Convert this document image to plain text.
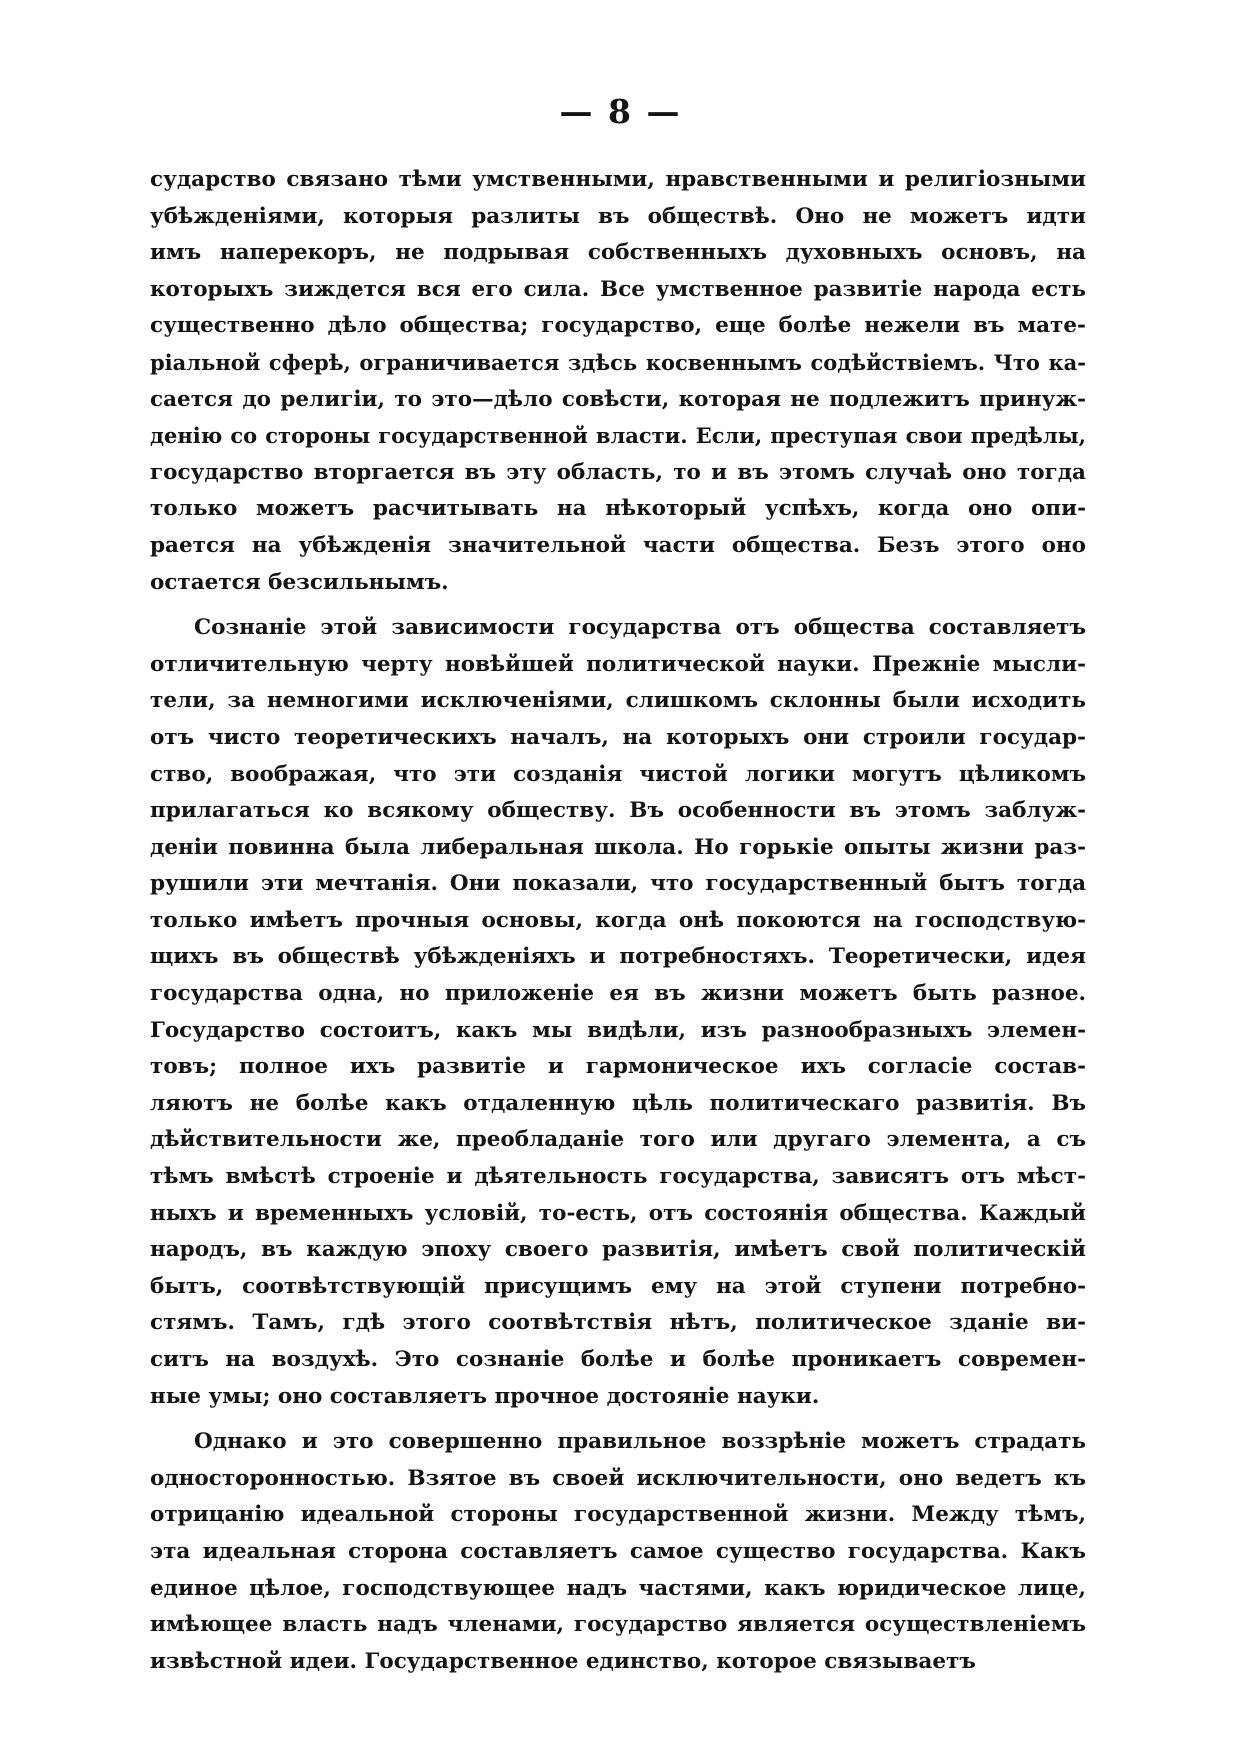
— 8 —

сударство связано тѣми умственными, нравственными и религіозными
убѣжденіями, которыя разлиты въ обществѣ. Оно не можетъ идти
имъ наперекоръ, не подрывая собственныхъ духовныхъ основъ, на
которыхъ зиждется вся его сила. Все умственное развитіе народа есть
существенно дѣло общества; государство, еще болѣе нежели въ мате-
ріальной сферѣ, ограничивается здѣсь косвеннымъ содѣйствіемъ. Что ка-
сается до религіи, то это—дѣло совѣсти, которая не подлежитъ принуж-
денію со стороны государственной власти. Если, преступая свои предѣлы,
государство вторгается въ эту область, то и въ этомъ случаѣ оно тогда
только можетъ расчитывать на нѣкоторый успѣхъ, когда оно опи-
рается на убѣжденія значительной части общества. Безъ этого оно
остается безсильнымъ.

Сознаніе этой зависимости государства отъ общества составляетъ
отличительную черту новѣйшей политической науки. Прежніе мысли-
тели, за немногими исключеніями, слишкомъ склонны были исходить
отъ чисто теоретическихъ началъ, на которыхъ они строили государ-
ство, воображая, что эти созданія чистой логики могутъ цѣликомъ
прилагаться ко всякому обществу. Въ особенности въ этомъ заблуж-
деніи повинна была либеральная школа. Но горькіе опыты жизни раз-
рушили эти мечтанія. Они показали, что государственный бытъ тогда
только имѣетъ прочныя основы, когда онѣ покоются на господствую-
щихъ въ обществѣ убѣжденіяхъ и потребностяхъ. Теоретически, идея
государства одна, но приложеніе ея въ жизни можетъ быть разное.
Государство состоитъ, какъ мы видѣли, изъ разнообразныхъ элемен-
товъ; полное ихъ развитіе и гармоническое ихъ согласіе состав-
ляютъ не болѣе какъ отдаленную цѣль политическаго развитія. Въ
дѣйствительности же, преобладаніе того или другаго элемента, а съ
тѣмъ вмѣстѣ строеніе и дѣятельность государства, зависятъ отъ мѣст-
ныхъ и временныхъ условій, то-есть, отъ состоянія общества. Каждый
народъ, въ каждую эпоху своего развитія, имѣетъ свой политическій
бытъ, соотвѣтствующій присущимъ ему на этой ступени потребно-
стямъ. Тамъ, гдѣ этого соотвѣтствія нѣтъ, политическое зданіе ви-
ситъ на воздухѣ. Это сознаніе болѣе и болѣе проникаетъ современ-
ные умы; оно составляетъ прочное достояніе науки.

Однако и это совершенно правильное воззрѣніе можетъ страдать
односторонностью. Взятое въ своей исключительности, оно ведетъ къ
отрицанію идеальной стороны государственной жизни. Между тѣмъ,
эта идеальная сторона составляетъ самое существо государства. Какъ
единое цѣлое, господствующее надъ частями, какъ юридическое лице,
имѣющее власть надъ членами, государство является осуществленіемъ
извѣстной идеи. Государственное единство, которое связываетъ
